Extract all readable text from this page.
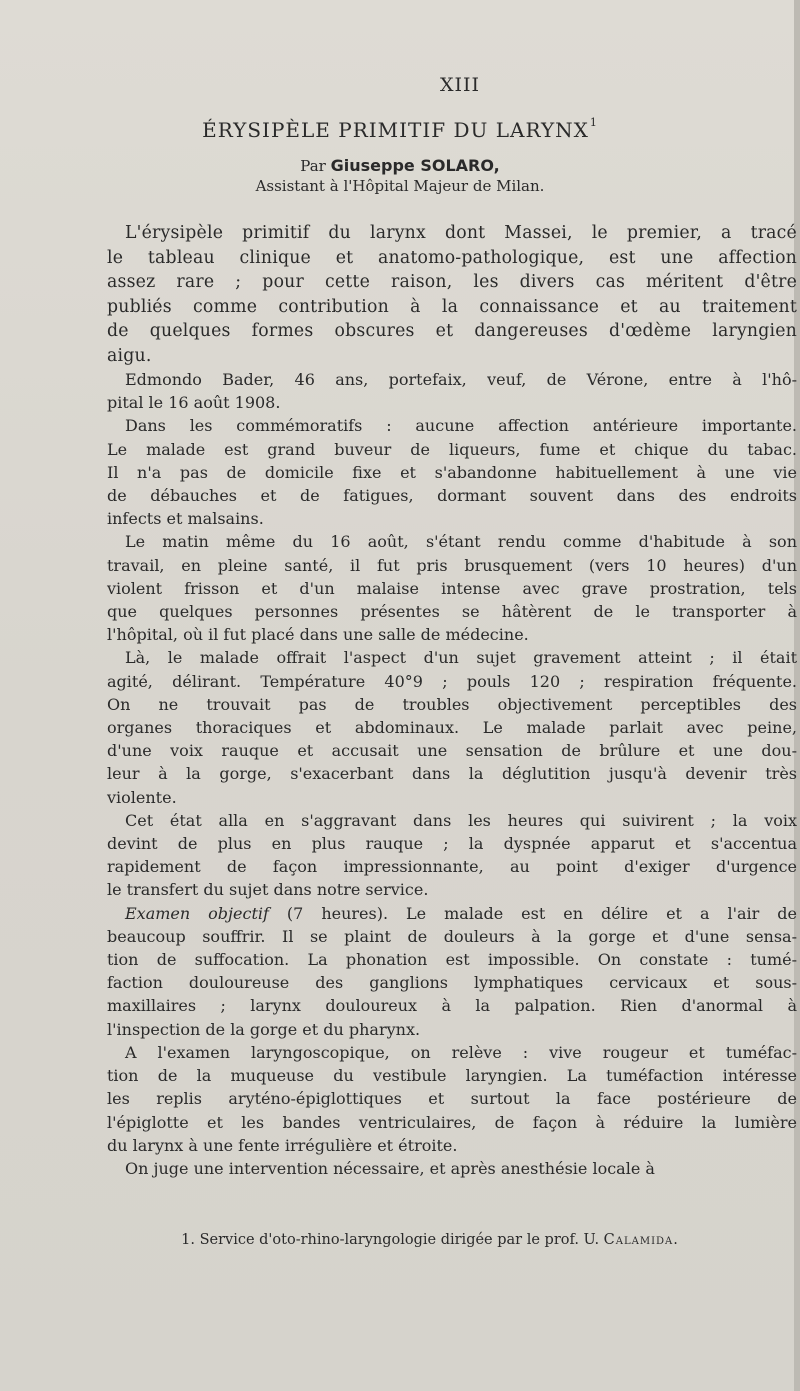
XIII
ÉRYSIPÈLE PRIMITIF DU LARYNX$^1$
Par Giuseppe SOLARO,
Assistant à l'Hôpital Majeur de Milan.
L'érysipèle primitif du larynx dont Massei, le premier, a tracé
le tableau clinique et anatomo-pathologique, est une affection
assez rare ; pour cette raison, les divers cas méritent d'être
publiés comme contribution à la connaissance et au traitement
de quelques formes obscures et dangereuses d'œdème laryngien
aigu.
Edmondo Bader, 46 ans, portefaix, veuf, de Vérone, entre à l'hô-
pital le 16 août 1908.
Dans les commémoratifs : aucune affection antérieure importante.
Le malade est grand buveur de liqueurs, fume et chique du tabac.
Il n'a pas de domicile fixe et s'abandonne habituellement à une vie
de débauches et de fatigues, dormant souvent dans des endroits
infects et malsains.
Le matin même du 16 août, s'étant rendu comme d'habitude à son
travail, en pleine santé, il fut pris brusquement (vers 10 heures) d'un
violent frisson et d'un malaise intense avec grave prostration, tels
que quelques personnes présentes se hâtèrent de le transporter à
l'hôpital, où il fut placé dans une salle de médecine.
Là, le malade offrait l'aspect d'un sujet gravement atteint ; il était
agité, délirant. Température 40°9 ; pouls 120 ; respiration fréquente.
On ne trouvait pas de troubles objectivement perceptibles des
organes thoraciques et abdominaux. Le malade parlait avec peine,
d'une voix rauque et accusait une sensation de brûlure et une dou-
leur à la gorge, s'exacerbant dans la déglutition jusqu'à devenir très
violente.
Cet état alla en s'aggravant dans les heures qui suivirent ; la voix
devint de plus en plus rauque ; la dyspnée apparut et s'accentua
rapidement de façon impressionnante, au point d'exiger d'urgence
le transfert du sujet dans notre service.
Examen objectif (7 heures). Le malade est en délire et a l'air de
beaucoup souffrir. Il se plaint de douleurs à la gorge et d'une sensa-
tion de suffocation. La phonation est impossible. On constate : tumé-
faction douloureuse des ganglions lymphatiques cervicaux et sous-
maxillaires ; larynx douloureux à la palpation. Rien d'anormal à
l'inspection de la gorge et du pharynx.
A l'examen laryngoscopique, on relève : vive rougeur et tuméfac-
tion de la muqueuse du vestibule laryngien. La tuméfaction intéresse
les replis aryténo-épiglottiques et surtout la face postérieure de
l'épiglotte et les bandes ventriculaires, de façon à réduire la lumière
du larynx à une fente irrégulière et étroite.
On juge une intervention nécessaire, et après anesthésie locale à
1. Service d'oto-rhino-laryngologie dirigée par le prof. U. Calamida.
